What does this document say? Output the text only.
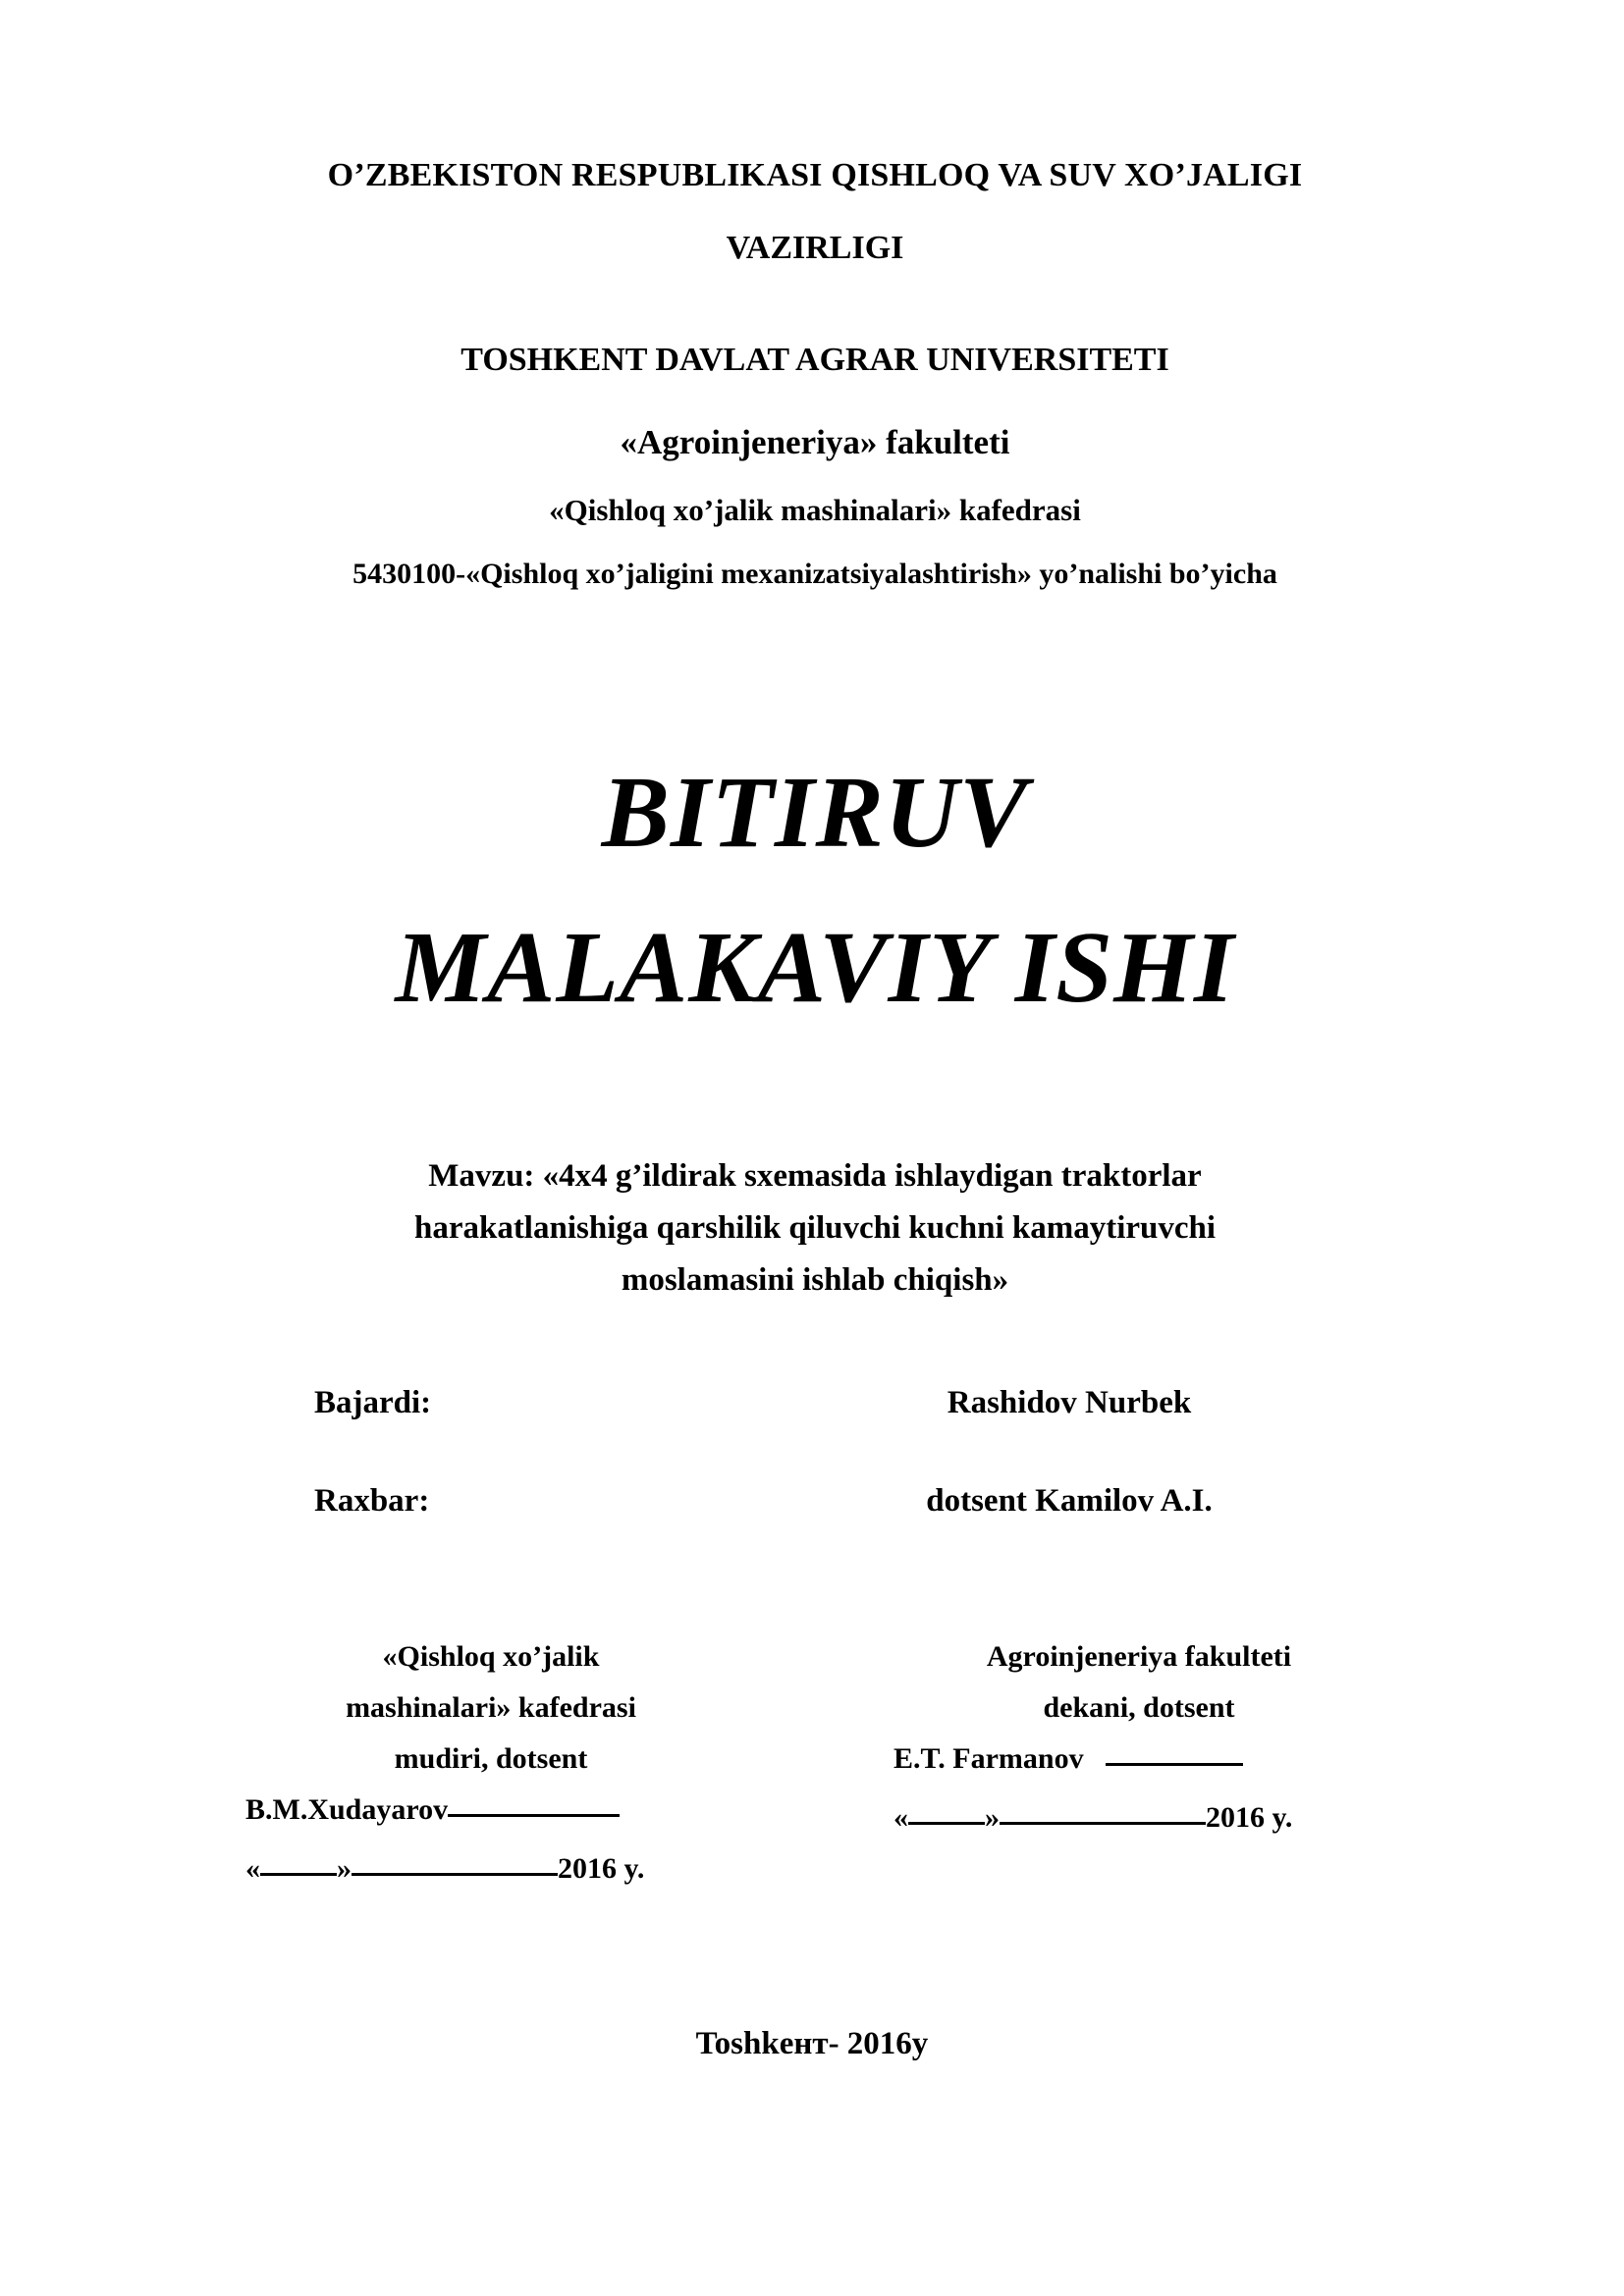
O’ZBEKISTON RESPUBLIKASI QISHLOQ VA SUV XO’JALIGI
VAZIRLIGI
TOSHKENT DAVLAT AGRAR UNIVERSITETI
«Agroinjeneriya» fakulteti
«Qishloq xo’jalik mashinalari» kafedrasi
5430100-«Qishloq xo’jaligini mexanizatsiyalashtirish» yo’nalishi bo’yicha
BITIRUV
MALAKAVIY ISHI
Mavzu: «4x4 g’ildirak sxemasida ishlaydigan traktorlar
harakatlanishiga qarshilik qiluvchi kuchni kamaytiruvchi
moslamasini ishlab chiqish»
Bajardi:	Rashidov Nurbek
Raxbar:	dotsent Kamilov A.I.
«Qishloq xo’jalik
mashinalari» kafedrasi
mudiri, dotsent
B.M.Xudayarov
«	»	2016 y.
Agroinjeneriya fakulteti
dekani, dotsent
E.T. Farmanov
«	»	2016 y.
Toshkeнт- 2016y
